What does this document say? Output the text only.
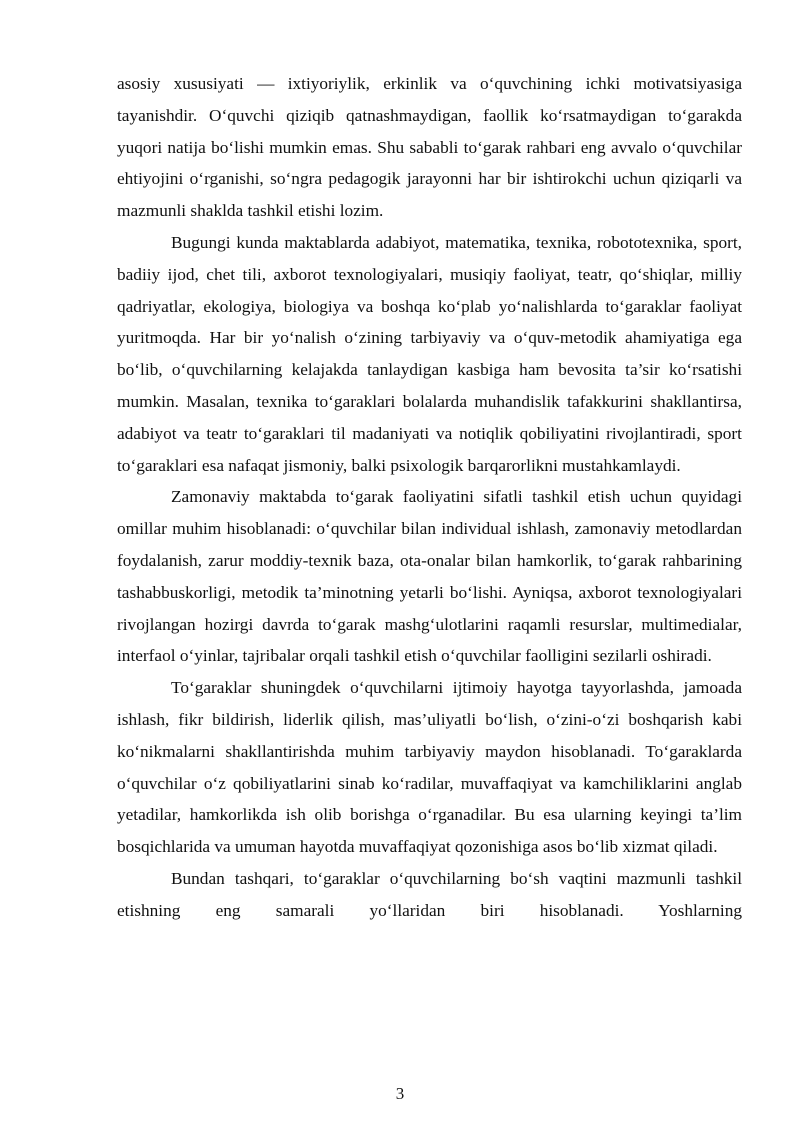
asosiy xususiyati — ixtiyoriylik, erkinlik va o‘quvchining ichki motivatsiyasiga tayanishdir. O‘quvchi qiziqib qatnashmaydigan, faollik ko‘rsatmaydigan to‘garakda yuqori natija bo‘lishi mumkin emas. Shu sababli to‘garak rahbari eng avvalo o‘quvchilar ehtiyojini o‘rganishi, so‘ngra pedagogik jarayonni har bir ishtirokchi uchun qiziqarli va mazmunli shaklda tashkil etishi lozim.

Bugungi kunda maktablarda adabiyot, matematika, texnika, robototexnika, sport, badiiy ijod, chet tili, axborot texnologiyalari, musiqiy faoliyat, teatr, qo‘shiqlar, milliy qadriyatlar, ekologiya, biologiya va boshqa ko‘plab yo‘nalishlarda to‘garaklar faoliyat yuritmoqda. Har bir yo‘nalish o‘zining tarbiyaviy va o‘quv-metodik ahamiyatiga ega bo‘lib, o‘quvchilarning kelajakda tanlaydigan kasbiga ham bevosita ta’sir ko‘rsatishi mumkin. Masalan, texnika to‘garaklari bolalarda muhandislik tafakkurini shakllantirsa, adabiyot va teatr to‘garaklari til madaniyati va notiqlik qobiliyatini rivojlantiradi, sport to‘garaklari esa nafaqat jismoniy, balki psixologik barqarorlikni mustahkamlaydi.

Zamonaviy maktabda to‘garak faoliyatini sifatli tashkil etish uchun quyidagi omillar muhim hisoblanadi: o‘quvchilar bilan individual ishlash, zamonaviy metodlardan foydalanish, zarur moddiy-texnik baza, ota-onalar bilan hamkorlik, to‘garak rahbarining tashabbuskorligi, metodik ta’minotning yetarli bo‘lishi. Ayniqsa, axborot texnologiyalari rivojlangan hozirgi davrda to‘garak mashg‘ulotlarini raqamli resurslar, multimedialar, interfaol o‘yinlar, tajribalar orqali tashkil etish o‘quvchilar faolligini sezilarli oshiradi.

To‘garaklar shuningdek o‘quvchilarni ijtimoiy hayotga tayyorlashda, jamoada ishlash, fikr bildirish, liderlik qilish, mas’uliyatli bo‘lish, o‘zini-o‘zi boshqarish kabi ko‘nikmalarni shakllantirishda muhim tarbiyaviy maydon hisoblanadi. To‘garaklarda o‘quvchilar o‘z qobiliyatlarini sinab ko‘radilar, muvaffaqiyat va kamchiliklarini anglab yetadilar, hamkorlikda ish olib borishga o‘rganadilar. Bu esa ularning keyingi ta’lim bosqichlarida va umuman hayotda muvaffaqiyat qozonishiga asos bo‘lib xizmat qiladi.

Bundan tashqari, to‘garaklar o‘quvchilarning bo‘sh vaqtini mazmunli tashkil etishning eng samarali yo‘llaridan biri hisoblanadi. Yoshlarning

3
